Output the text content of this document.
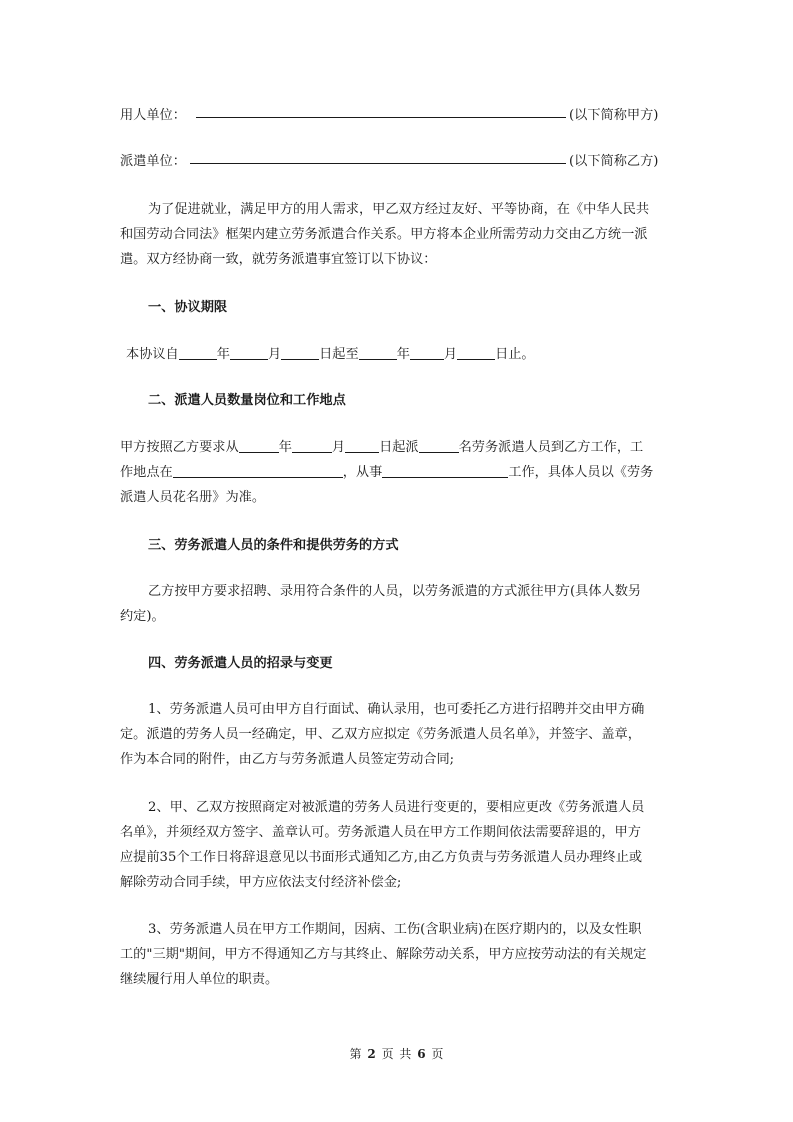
用人单位：	(以下简称甲方)
派遣单位：	(以下简称乙方)
为了促进就业，满足甲方的用人需求，甲乙双方经过友好、平等协商，在《中华人民共
和国劳动合同法》框架内建立劳务派遣合作关系。甲方将本企业所需劳动力交由乙方统一派
遣。双方经协商一致，就劳务派遣事宜签订以下协议：
一、协议期限
本协议自	年	月	日起至	年	月	日止。
二、派遣人员数量岗位和工作地点
甲方按照乙方要求从	年	月	日起派	名劳务派遣人员到乙方工作，工
作地点在	，从事	工作，具体人员以《劳务
派遣人员花名册》为准。
三、劳务派遣人员的条件和提供劳务的方式
乙方按甲方要求招聘、录用符合条件的人员，以劳务派遣的方式派往甲方(具体人数另
约定)。
四、劳务派遣人员的招录与变更
1、劳务派遣人员可由甲方自行面试、确认录用，也可委托乙方进行招聘并交由甲方确
定。派遣的劳务人员一经确定，甲、乙双方应拟定《劳务派遣人员名单》，并签字、盖章，
作为本合同的附件，由乙方与劳务派遣人员签定劳动合同;
2、甲、乙双方按照商定对被派遣的劳务人员进行变更的，要相应更改《劳务派遣人员
名单》，并须经双方签字、盖章认可。劳务派遣人员在甲方工作期间依法需要辞退的，甲方
应提前35个工作日将辞退意见以书面形式通知乙方,由乙方负责与劳务派遣人员办理终止或
解除劳动合同手续，甲方应依法支付经济补偿金;
3、劳务派遣人员在甲方工作期间，因病、工伤(含职业病)在医疗期内的，以及女性职
工的"三期"期间，甲方不得通知乙方与其终止、解除劳动关系，甲方应按劳动法的有关规定
继续履行用人单位的职责。
第 2 页 共 6 页
